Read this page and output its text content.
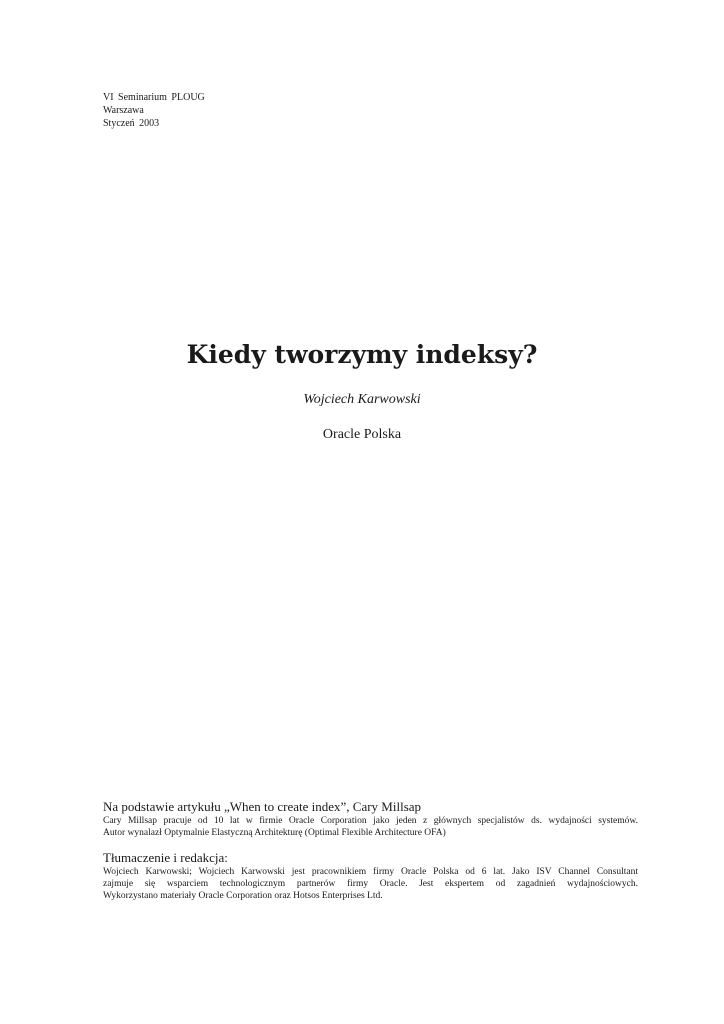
VI Seminarium PLOUG
Warszawa
Styczeń 2003
Kiedy tworzymy indeksy?
Wojciech Karwowski
Oracle Polska
Na podstawie artykułu „When to create index”, Cary Millsap
Cary Millsap pracuje od 10 lat w firmie Oracle Corporation jako jeden z głównych specjalistów ds. wydajności systemów.
Autor wynalazł Optymalnie Elastyczną Architekturę (Optimal Flexible Architecture OFA)
Tłumaczenie i redakcja:
Wojciech Karwowski; Wojciech Karwowski jest pracownikiem firmy Oracle Polska od 6 lat. Jako ISV Channel Consultant
zajmuje się wsparciem technologicznym partnerów firmy Oracle. Jest ekspertem od zagadnień wydajnościowych.
Wykorzystano materiały Oracle Corporation oraz Hotsos Enterprises Ltd.
